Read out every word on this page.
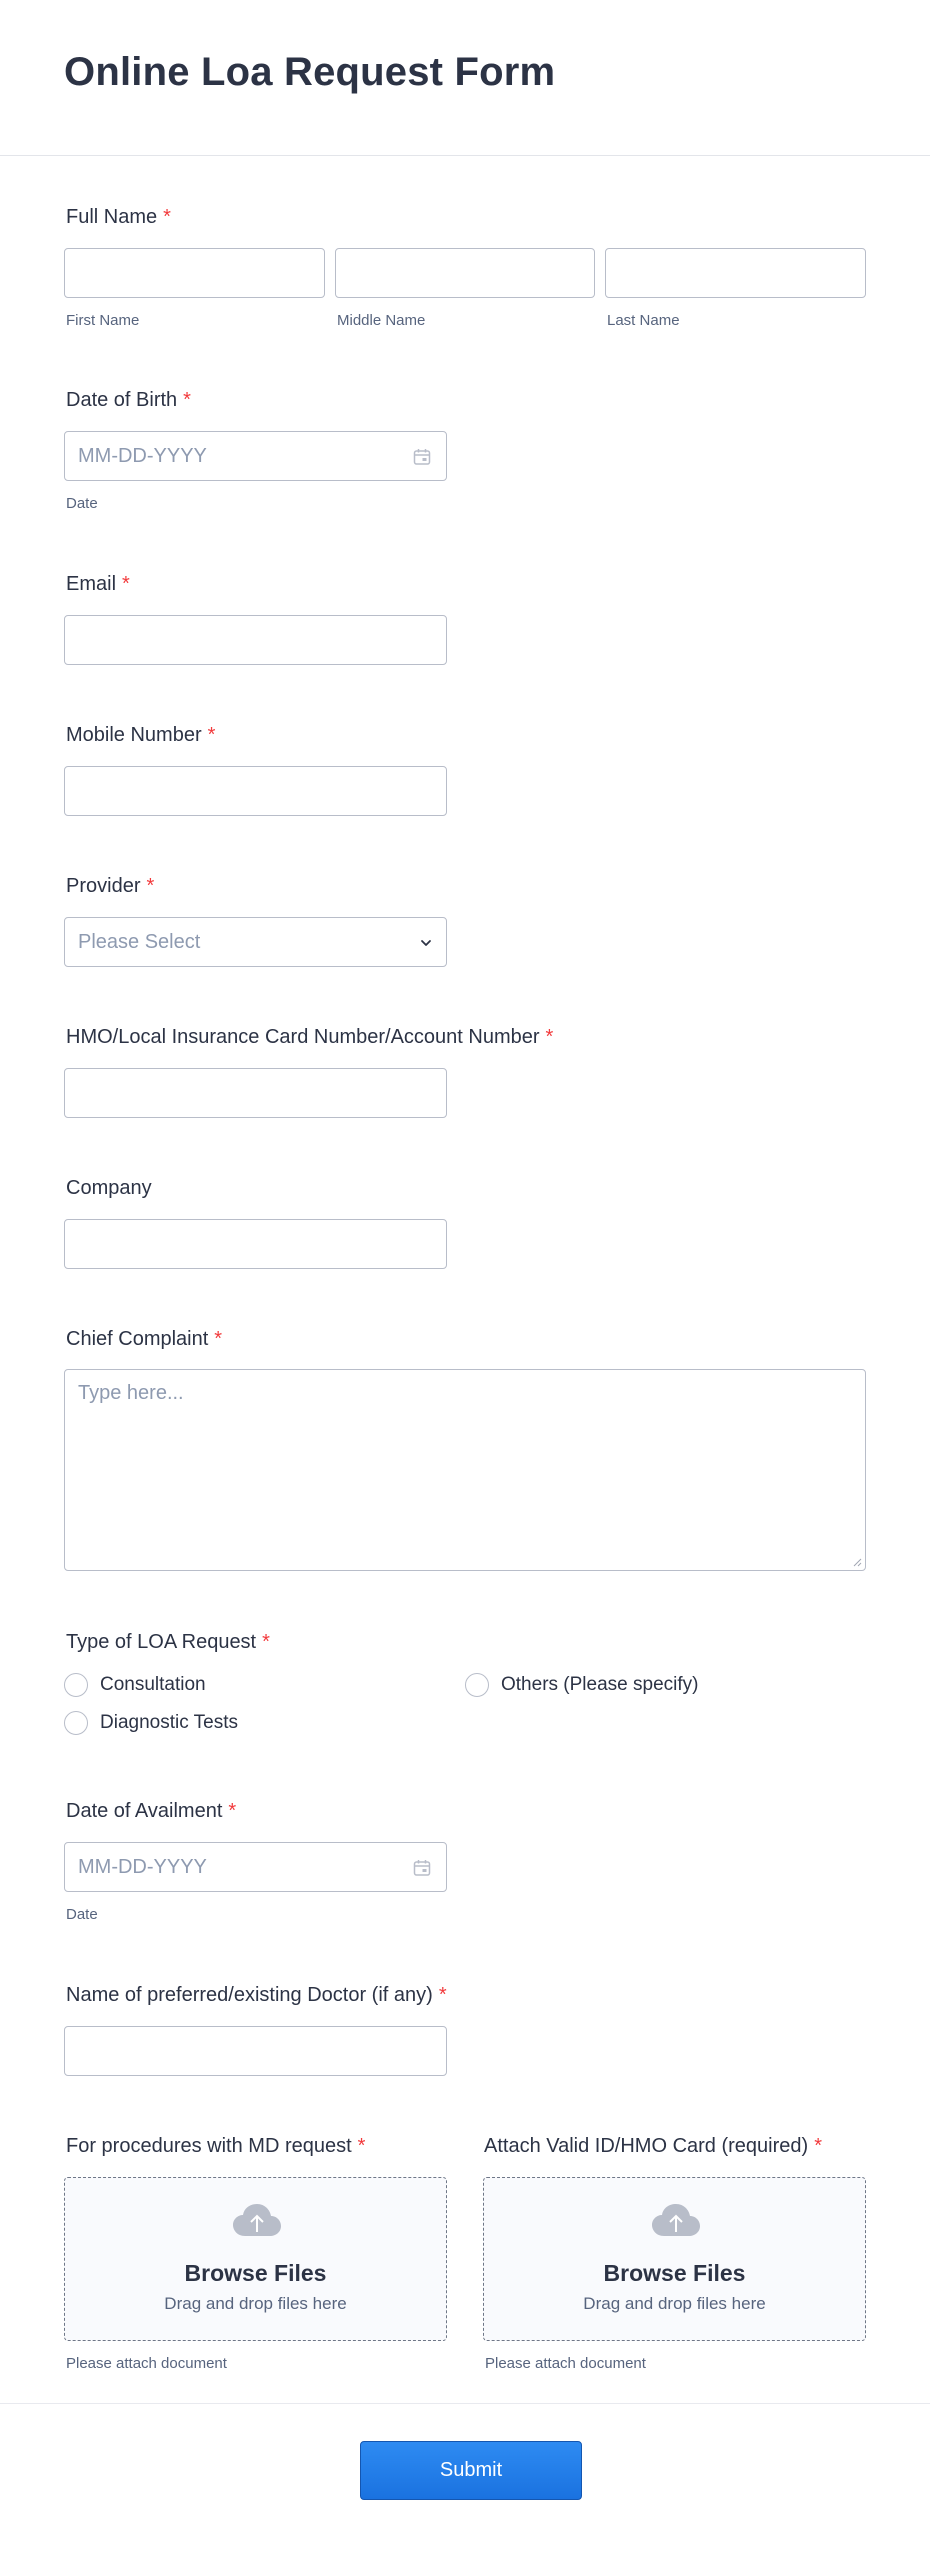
Online Loa Request Form
Full Name *
First Name	Middle Name	Last Name
Date of Birth *
MM-DD-YYYY
Date
Email *
Mobile Number *
Provider *
Please Select
HMO/Local Insurance Card Number/Account Number *
Company
Chief Complaint *
Type here...
Type of LOA Request *
Consultation
Diagnostic Tests
Others (Please specify)
Date of Availment *
MM-DD-YYYY
Date
Name of preferred/existing Doctor (if any) *
For procedures with MD request *	Attach Valid ID/HMO Card (required) *
Browse Files
Drag and drop files here
Browse Files
Drag and drop files here
Please attach document	Please attach document
Submit
